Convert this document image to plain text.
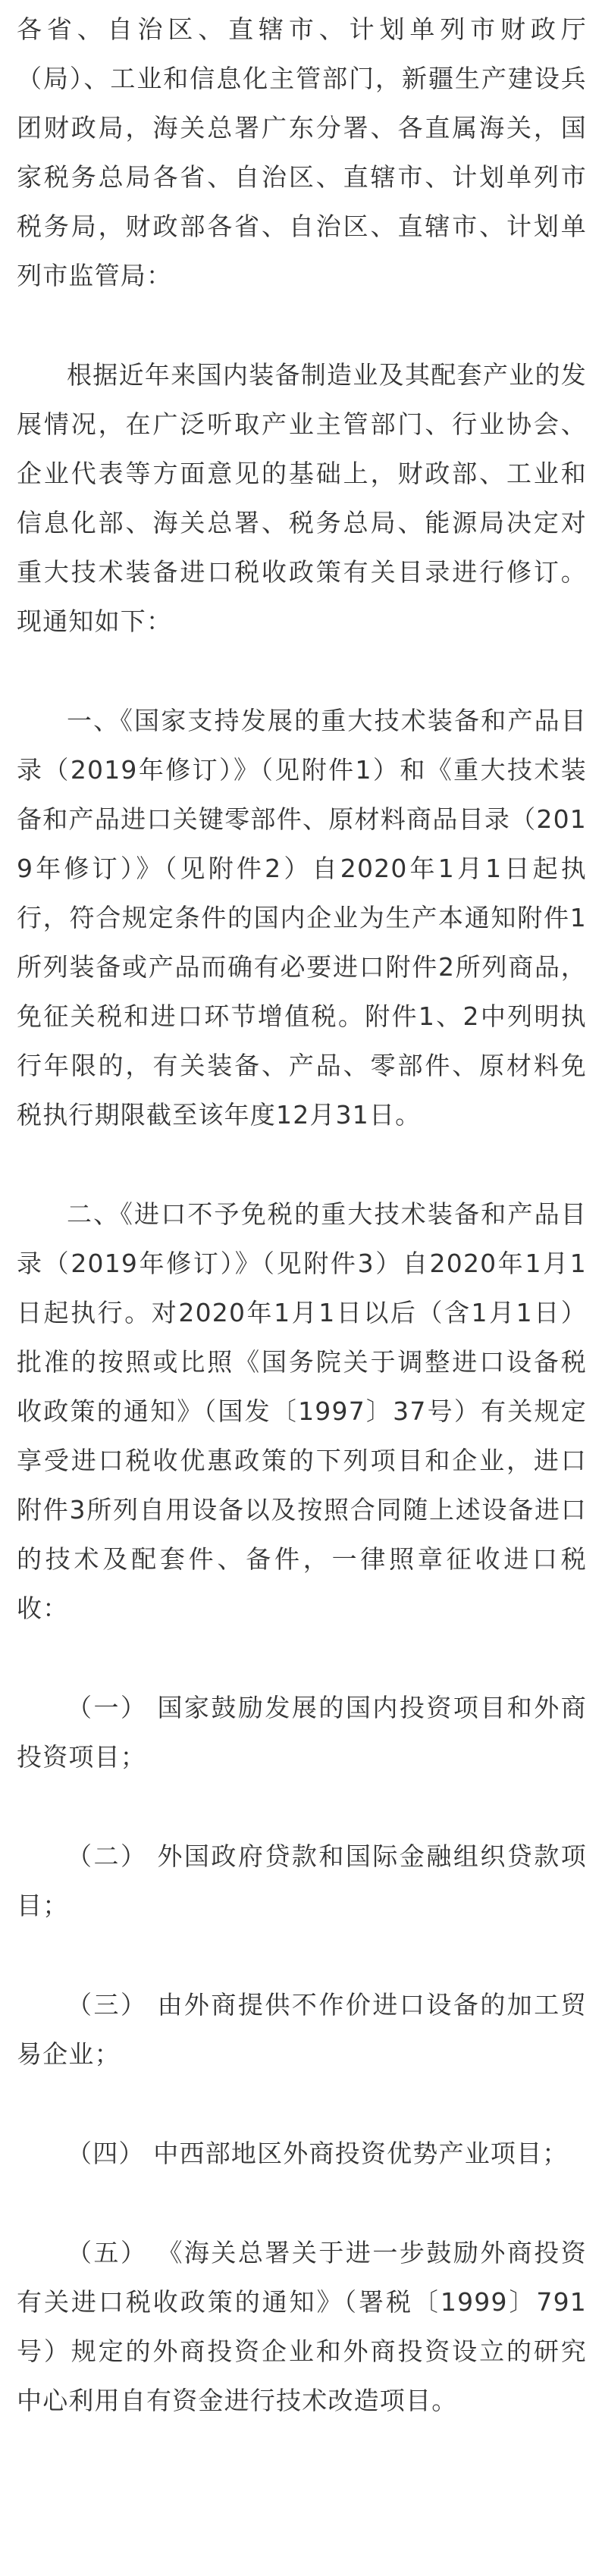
各省、自治区、直辖市、计划单列市财政厅（局）、工业和信息化主管部门，新疆生产建设兵团财政局，海关总署广东分署、各直属海关，国家税务总局各省、自治区、直辖市、计划单列市税务局，财政部各省、自治区、直辖市、计划单列市监管局：

根据近年来国内装备制造业及其配套产业的发展情况，在广泛听取产业主管部门、行业协会、企业代表等方面意见的基础上，财政部、工业和信息化部、海关总署、税务总局、能源局决定对重大技术装备进口税收政策有关目录进行修订。现通知如下：

一、《国家支持发展的重大技术装备和产品目录（2019年修订）》（见附件1）和《重大技术装备和产品进口关键零部件、原材料商品目录（2019年修订）》（见附件2）自2020年1月1日起执行，符合规定条件的国内企业为生产本通知附件1所列装备或产品而确有必要进口附件2所列商品，免征关税和进口环节增值税。附件1、2中列明执行年限的，有关装备、产品、零部件、原材料免税执行期限截至该年度12月31日。

二、《进口不予免税的重大技术装备和产品目录（2019年修订）》（见附件3）自2020年1月1日起执行。对2020年1月1日以后（含1月1日）批准的按照或比照《国务院关于调整进口设备税收政策的通知》（国发〔1997〕37号）有关规定享受进口税收优惠政策的下列项目和企业，进口附件3所列自用设备以及按照合同随上述设备进口的技术及配套件、备件，一律照章征收进口税收：

（一） 国家鼓励发展的国内投资项目和外商投资项目；

（二） 外国政府贷款和国际金融组织贷款项目；

（三） 由外商提供不作价进口设备的加工贸易企业；

（四） 中西部地区外商投资优势产业项目；

（五） 《海关总署关于进一步鼓励外商投资有关进口税收政策的通知》（署税〔1999〕791号）规定的外商投资企业和外商投资设立的研究中心利用自有资金进行技术改造项目。
